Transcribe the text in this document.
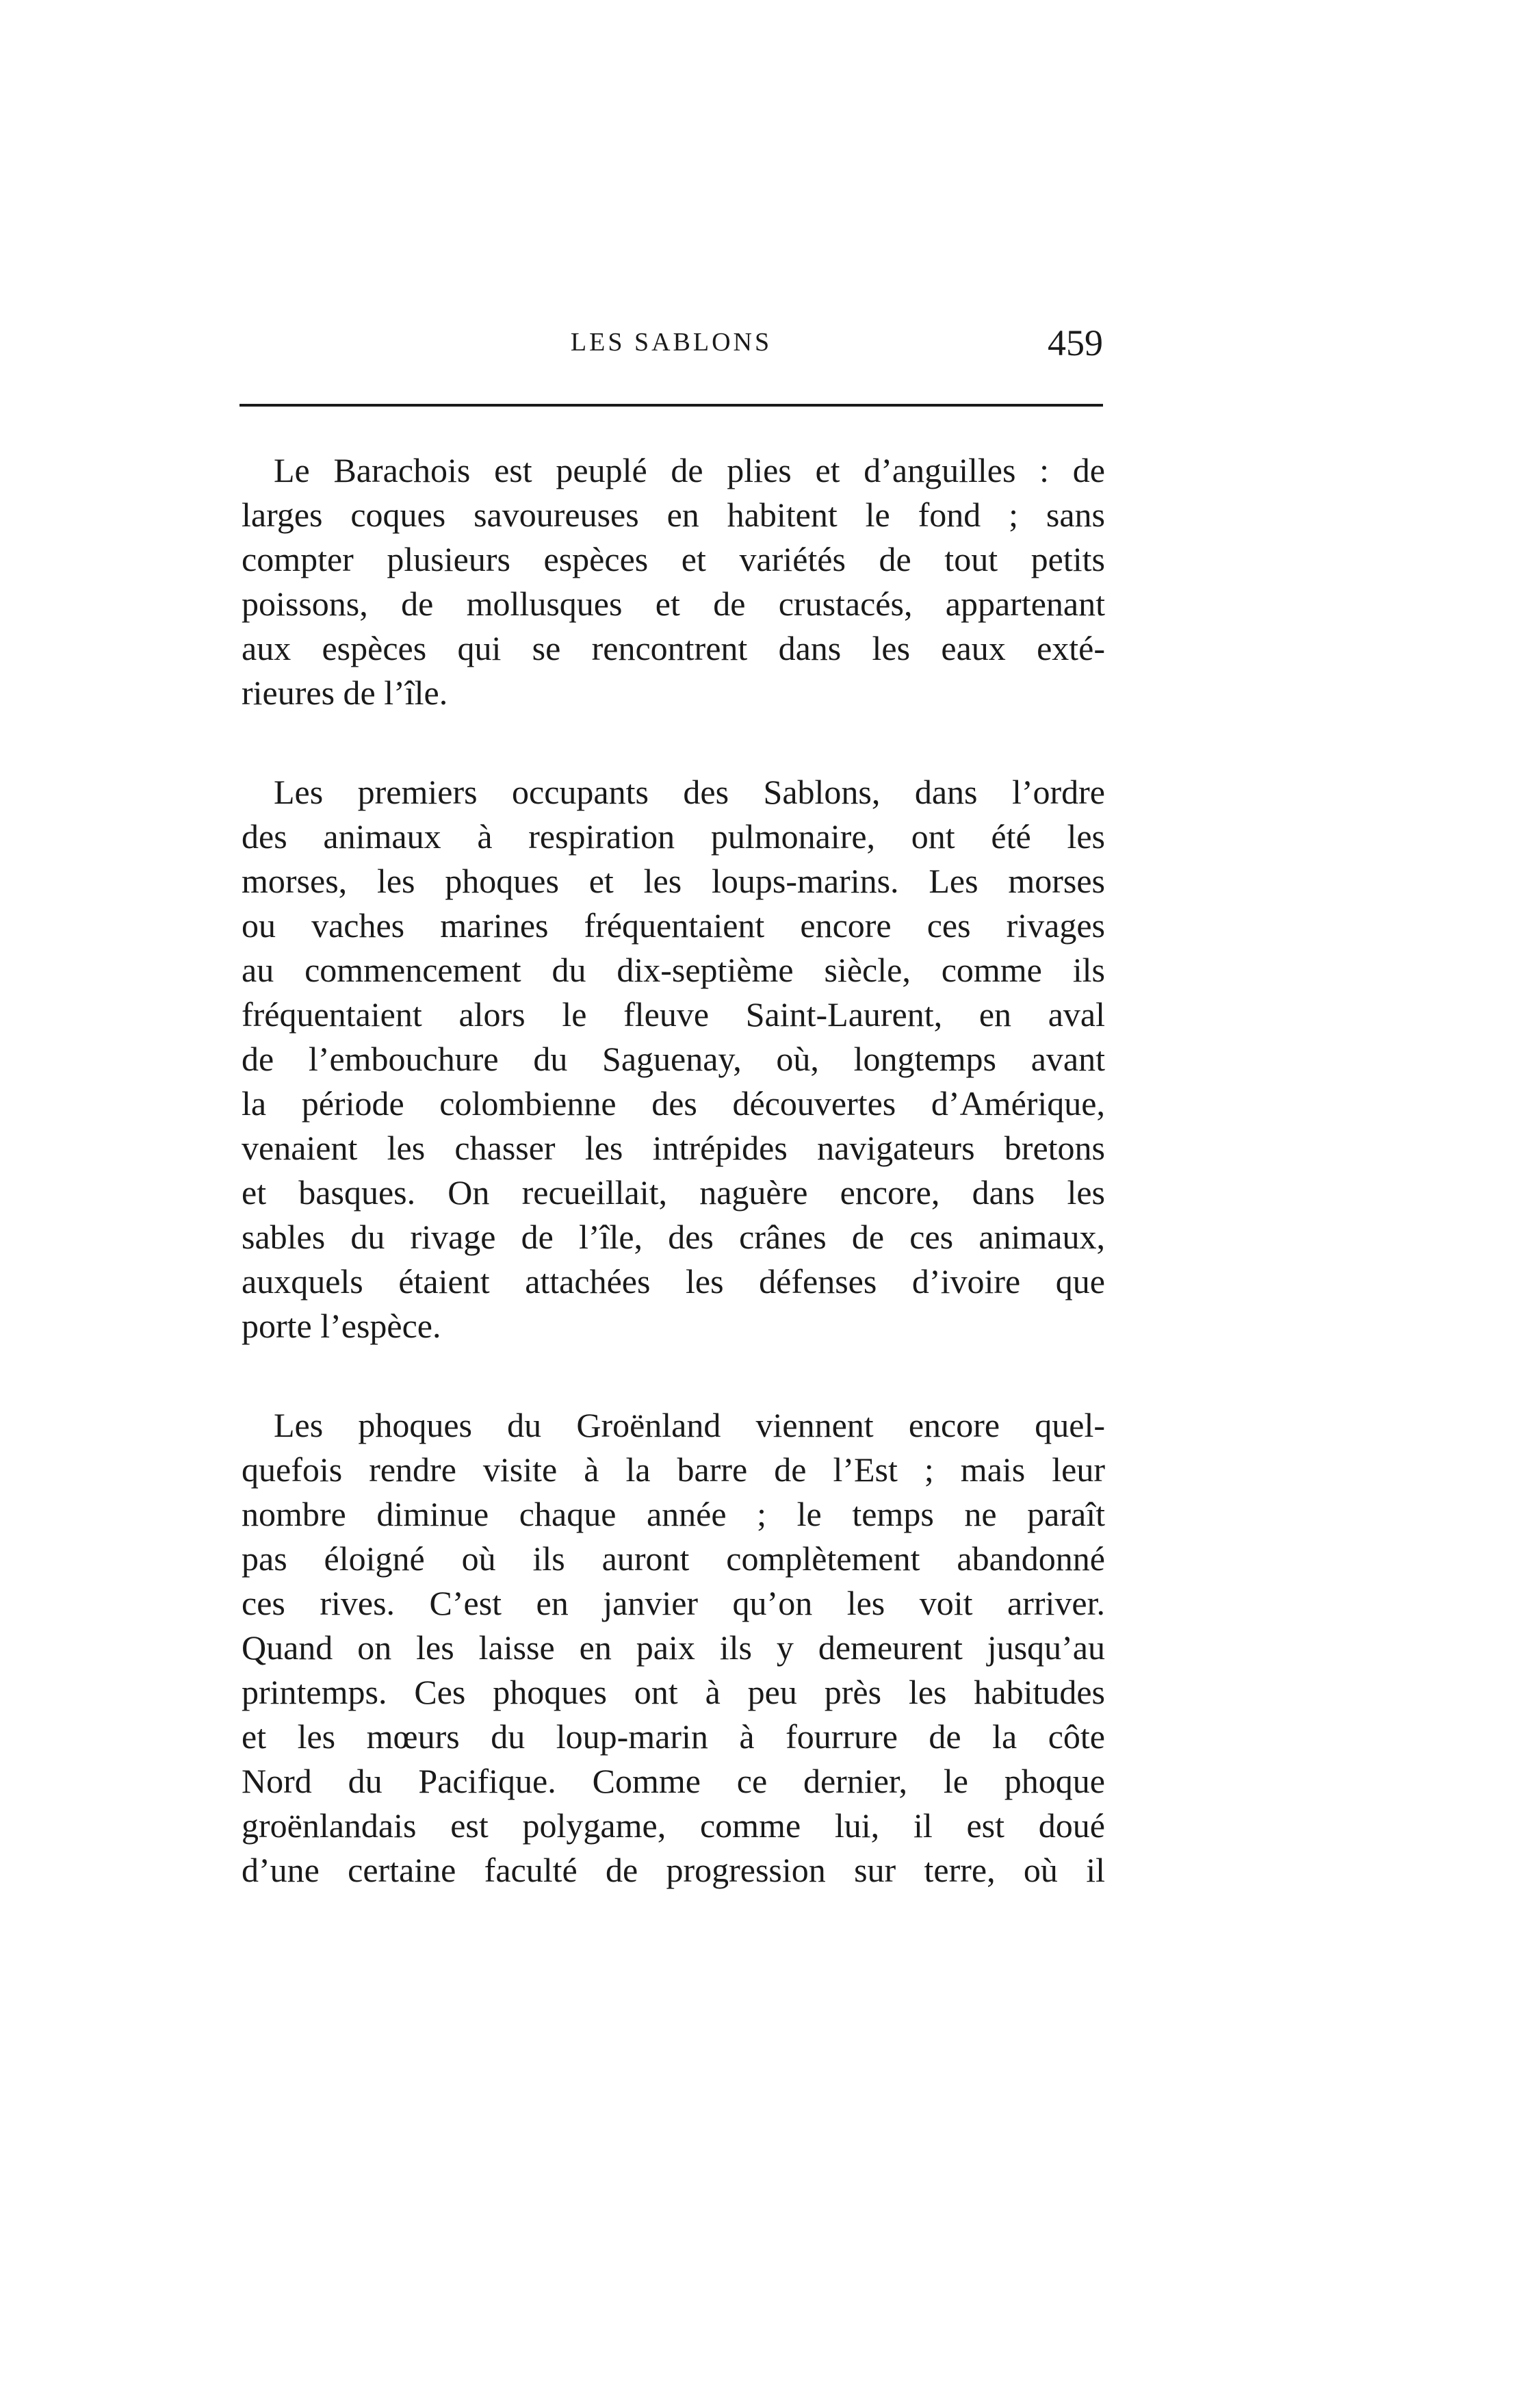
LES SABLONS	459
Le Barachois est peuplé de plies et d’anguilles : de
larges coques savoureuses en habitent le fond ; sans
compter plusieurs espèces et variétés de tout petits
poissons, de mollusques et de crustacés, appartenant
aux espèces qui se rencontrent dans les eaux exté-
rieures de l’île.
Les premiers occupants des Sablons, dans l’ordre
des animaux à respiration pulmonaire, ont été les
morses, les phoques et les loups-marins. Les morses
ou vaches marines fréquentaient encore ces rivages
au commencement du dix-septième siècle, comme ils
fréquentaient alors le fleuve Saint-Laurent, en aval
de l’embouchure du Saguenay, où, longtemps avant
la période colombienne des découvertes d’Amérique,
venaient les chasser les intrépides navigateurs bretons
et basques. On recueillait, naguère encore, dans les
sables du rivage de l’île, des crânes de ces animaux,
auxquels étaient attachées les défenses d’ivoire que
porte l’espèce.
Les phoques du Groënland viennent encore quel-
quefois rendre visite à la barre de l’Est ; mais leur
nombre diminue chaque année ; le temps ne paraît
pas éloigné où ils auront complètement abandonné
ces rives. C’est en janvier qu’on les voit arriver.
Quand on les laisse en paix ils y demeurent jusqu’au
printemps. Ces phoques ont à peu près les habitudes
et les mœurs du loup-marin à fourrure de la côte
Nord du Pacifique. Comme ce dernier, le phoque
groënlandais est polygame, comme lui, il est doué
d’une certaine faculté de progression sur terre, où il
